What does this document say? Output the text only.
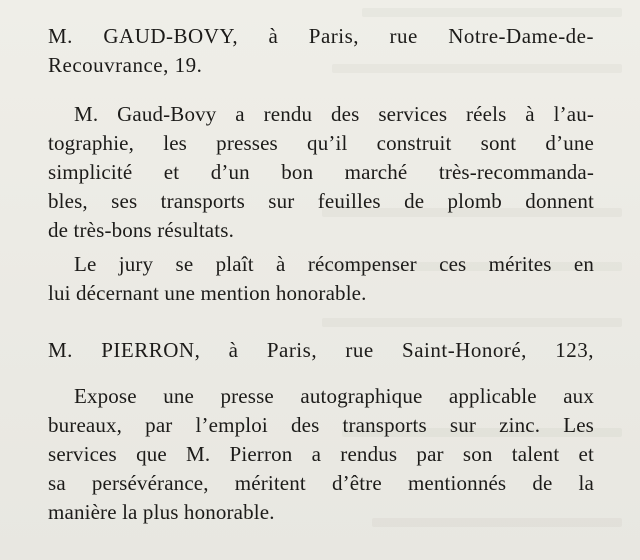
M. GAUD-BOVY, à Paris, rue Notre-Dame-de-
Recouvrance, 19.
M. Gaud-Bovy a rendu des services réels à l’au-
tographie, les presses qu’il construit sont d’une
simplicité et d’un bon marché très-recommanda-
bles, ses transports sur feuilles de plomb donnent
de très-bons résultats.
Le jury se plaît à récompenser ces mérites en
lui décernant une mention honorable.
M. PIERRON, à Paris, rue Saint-Honoré, 123,
Expose une presse autographique applicable aux
bureaux, par l’emploi des transports sur zinc. Les
services que M. Pierron a rendus par son talent et
sa persévérance, méritent d’être mentionnés de la
manière la plus honorable.
